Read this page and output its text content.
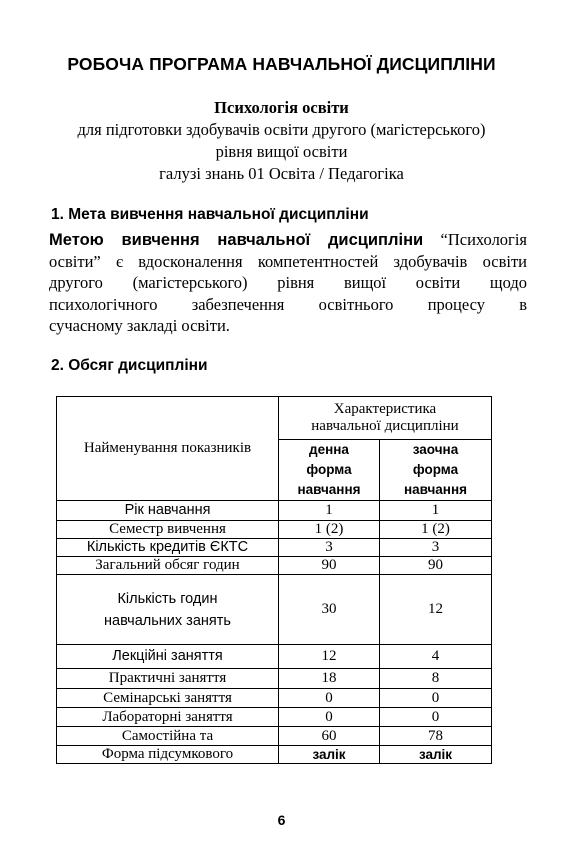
РОБОЧА ПРОГРАМА НАВЧАЛЬНОЇ ДИСЦИПЛІНИ
Психологія освіти
для підготовки здобувачів освіти другого (магістерського)
рівня вищої освіти
галузі знань 01 Освіта / Педагогіка
1. Мета вивчення навчальної дисципліни
Метою вивчення навчальної дисципліни “Психологія
освіти” є вдосконалення компетентностей здобувачів освіти
другого (магістерського) рівня вищої освіти щодо
психологічного забезпечення освітнього процесу в
сучасному закладі освіти.
2. Обсяг дисципліни
Найменування показників	Характеристика навчальної дисципліни	
	денна форма навчання	заочна форма навчання
Рік навчання	1	1
Семестр вивчення	1 (2)	1 (2)
Кількість кредитів ЄКТС	3	3
Загальний обсяг годин	90	90
Кількість годин навчальних занять	30	12
Лекційні заняття	12	4
Практичні заняття	18	8
Семінарські заняття	0	0
Лабораторні заняття	0	0
Самостійна та	60	78
Форма підсумкового	залік	залік
6
